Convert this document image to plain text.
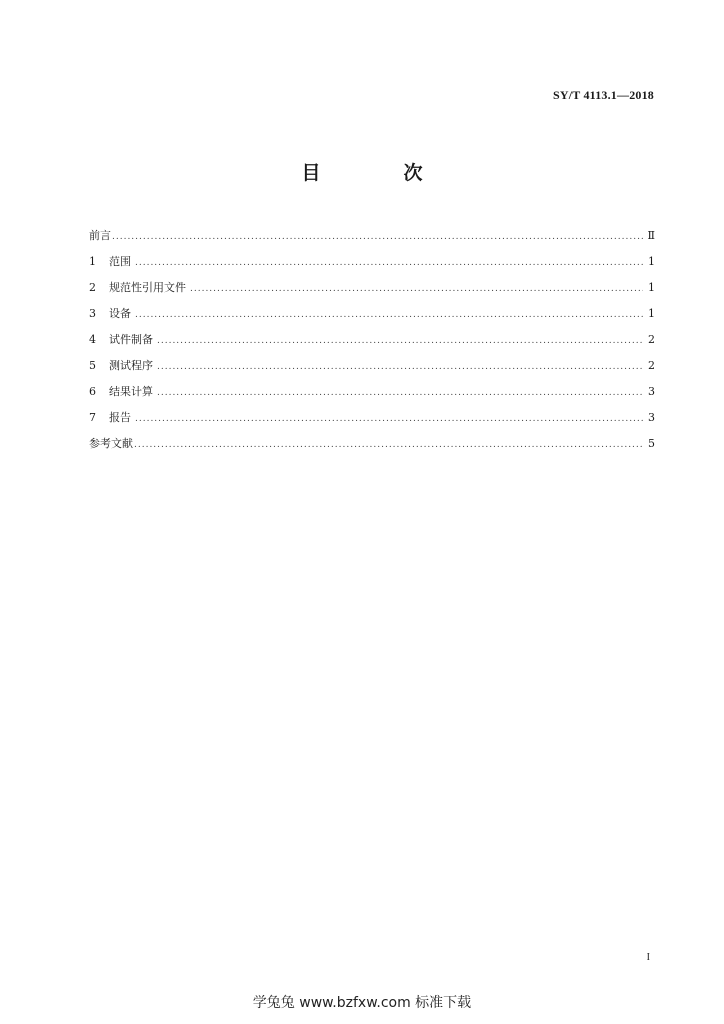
SY/T 4113.1—2018
目　次
前言 .....	Ⅱ
1	范围 .....	1
2	规范性引用文件 .....	1
3	设备 .....	1
4	试件制备 .....	2
5	测试程序 .....	2
6	结果计算 .....	3
7	报告 .....	3
参考文献 .....	5
I
学兔兔 www.bzfxw.com 标准下载
